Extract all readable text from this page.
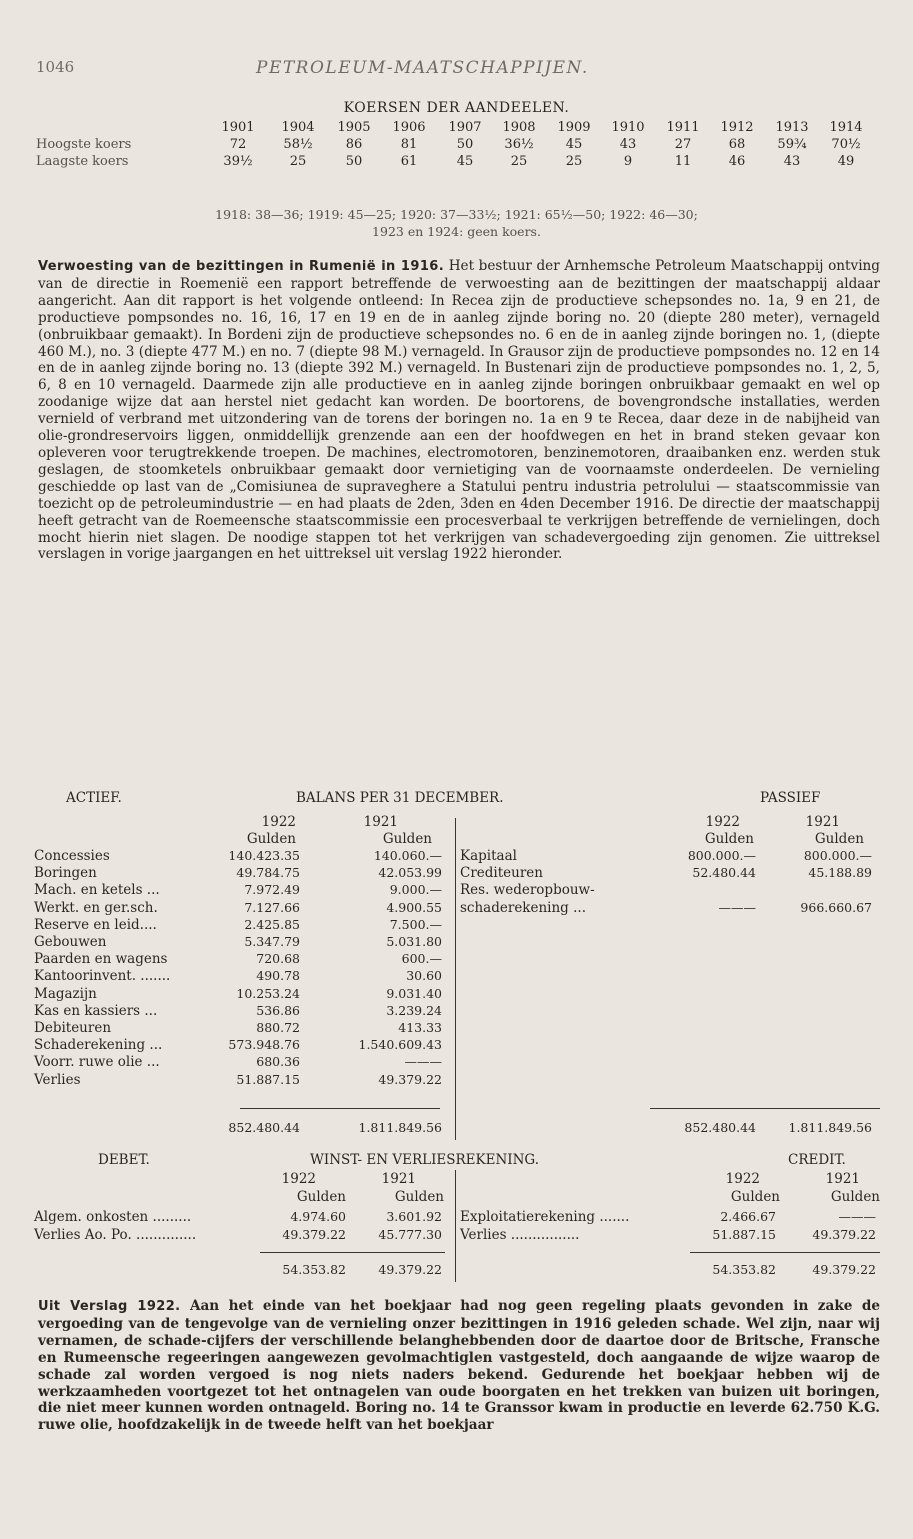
1046	PETROLEUM-MAATSCHAPPIJEN.
KOERSEN DER AANDEELEN.
1901 1904 1905 1906 1907 1908 1909 1910 1911 1912 1913 1914
Hoogste koers	72	58½	86	81	50	36½	45	43	27	68	59¾	70½
Laagste koers	39½	25	50	61	45	25	25	9	11	46	43	49
1918: 38—36; 1919: 45—25; 1920: 37—33½; 1921: 65½—50; 1922: 46—30;
1923 en 1924: geen koers.

Verwoesting van de bezittingen in Rumenië in 1916. Het bestuur der Arnhemsche Petroleum Maatschappij ontving van de directie in Roemenië een rapport betreffende de verwoesting aan de bezittingen der maatschappij aldaar aangericht. Aan dit rapport is het volgende ontleend: In Recea zijn de productieve schepsondes no. 1a, 9 en 21, de productieve pompsondes no. 16, 16, 17 en 19 en de in aanleg zijnde boring no. 20 (diepte 280 meter), vernageld (onbruikbaar gemaakt). In Bordeni zijn de productieve schepsondes no. 6 en de in aanleg zijnde boringen no. 1, (diepte 460 M.), no. 3 (diepte 477 M.) en no. 7 (diepte 98 M.) vernageld. In Grausor zijn de productieve pompsondes no. 12 en 14 en de in aanleg zijnde boring no. 13 (diepte 392 M.) vernageld. In Bustenari zijn de productieve pompsondes no. 1, 2, 5, 6, 8 en 10 vernageld. Daarmede zijn alle productieve en in aanleg zijnde boringen onbruikbaar gemaakt en wel op zoodanige wijze dat aan herstel niet gedacht kan worden. De boortorens, de bovengrondsche installaties, werden vernield of verbrand met uitzondering van de torens der boringen no. 1a en 9 te Recea, daar deze in de nabijheid van olie-grondreservoirs liggen, onmiddellijk grenzende aan een der hoofdwegen en het in brand steken gevaar kon opleveren voor terugtrekkende troepen. De machines, electromotoren, benzinemotoren, draaibanken enz. werden stuk geslagen, de stoomketels onbruikbaar gemaakt door vernietiging van de voornaamste onderdeelen. De vernieling geschiedde op last van de „Comisiunea de supraveghere a Statului pentru industria petrolului — staatscommissie van toezicht op de petroleumindustrie — en had plaats de 2den, 3den en 4den December 1916. De directie der maatschappij heeft getracht van de Roemeensche staatscommissie een procesverbaal te verkrijgen betreffende de vernielingen, doch mocht hierin niet slagen. De noodige stappen tot het verkrijgen van schadevergoeding zijn genomen. Zie uittreksel verslagen in vorige jaargangen en het uittreksel uit verslag 1922 hieronder.

ACTIEF.	BALANS PER 31 DECEMBER.	PASSIEF
1922	1921
Gulden	Gulden
1922	1921
Gulden	Gulden
Concessies	140.423.35	140.060.—
Boringen	49.784.75	42.053.99
Mach. en ketels ...	7.972.49	9.000.—
Werkt. en ger.sch.	7.127.66	4.900.55
Reserve en leid....	2.425.85	7.500.—
Gebouwen	5.347.79	5.031.80
Paarden en wagens	720.68	600.—
Kantoorinvent. .......	490.78	30.60
Magazijn	10.253.24	9.031.40
Kas en kassiers ...	536.86	3.239.24
Debiteuren	880.72	413.33
Schaderekening ...	573.948.76	1.540.609.43
Voorr. ruwe olie ...	680.36	———
Verlies	51.887.15	49.379.22
Kapitaal	800.000.—	800.000.—
Crediteuren	52.480.44	45.188.89
Res. wederopbouw-
schaderekening ...	———	966.660.67
852.480.44	1.811.849.56	852.480.44	1.811.849.56
DEBET.	WINST- EN VERLIESREKENING.	CREDIT.
1922	1921
Gulden	Gulden
1922	1921
Gulden	Gulden
Algem. onkosten .........	4.974.60	3.601.92
Verlies Ao. Po. ..............	49.379.22	45.777.30
Exploitatierekening .......	2.466.67	———
Verlies ................	51.887.15	49.379.22
54.353.82	49.379.22	54.353.82	49.379.22

Uit Verslag 1922. Aan het einde van het boekjaar had nog geen regeling plaats gevonden in zake de vergoeding van de tengevolge van de vernieling onzer bezittingen in 1916 geleden schade. Wel zijn, naar wij vernamen, de schade-cijfers der verschillende belanghebbenden door de daartoe door de Britsche, Fransche en Rumeensche regeeringen aangewezen gevolmachtiglen vastgesteld, doch aangaande de wijze waarop de schade zal worden vergoed is nog niets naders bekend. Gedurende het boekjaar hebben wij de werkzaamheden voortgezet tot het ontnagelen van oude boorgaten en het trekken van buizen uit boringen, die niet meer kunnen worden ontnageld. Boring no. 14 te Granssor kwam in productie en leverde 62.750 K.G. ruwe olie, hoofdzakelijk in de tweede helft van het boekjaar
